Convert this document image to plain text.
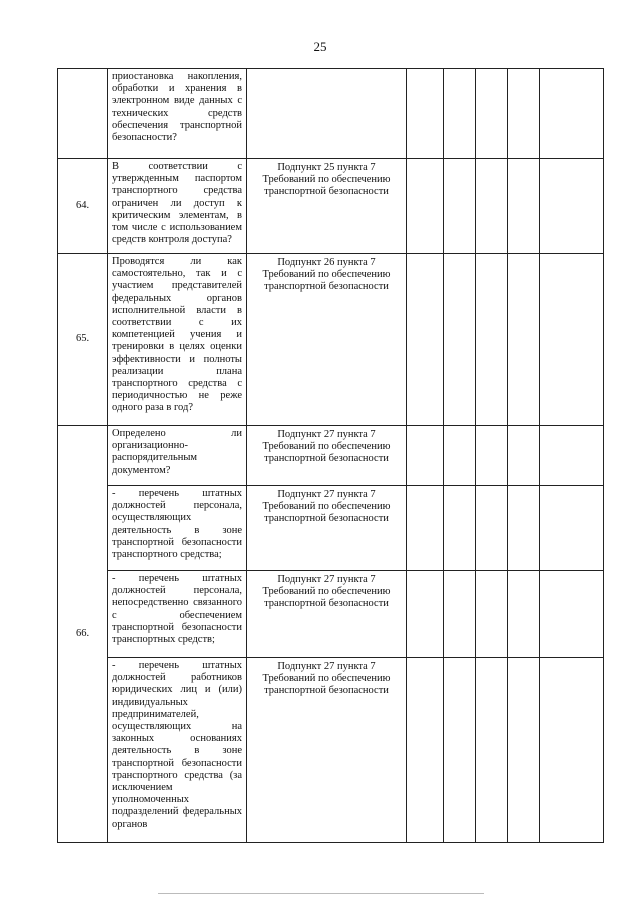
25
	приостановка накопления, обработки и хранения в электронном виде данных с технических средств обеспечения транспортной безопасности?						
64.	В соответствии с утвержденным паспортом транспортного средства ограничен ли доступ к критическим элементам, в том числе с использованием средств контроля доступа?	Подпункт 25 пункта 7 Требований по обеспечению транспортной безопасности					
65.	Проводятся ли как самостоятельно, так и с участием представителей федеральных органов исполнительной власти в соответствии с их компетенцией учения и тренировки в целях оценки эффективности и полноты реализации плана транспортного средства с периодичностью не реже одного раза в год?	Подпункт 26 пункта 7 Требований по обеспечению транспортной безопасности					
66.	Определено ли организационно-распорядительным документом?	Подпункт 27 пункта 7 Требований по обеспечению транспортной безопасности					
	- перечень штатных должностей персонала, осуществляющих деятельность в зоне транспортной безопасности транспортного средства;	Подпункт 27 пункта 7 Требований по обеспечению транспортной безопасности					
	- перечень штатных должностей персонала, непосредственно связанного с обеспечением транспортной безопасности транспортных средств;	Подпункт 27 пункта 7 Требований по обеспечению транспортной безопасности					
	- перечень штатных должностей работников юридических лиц и (или) индивидуальных предпринимателей, осуществляющих на законных основаниях деятельность в зоне транспортной безопасности транспортного средства (за исключением уполномоченных подразделений федеральных органов	Подпункт 27 пункта 7 Требований по обеспечению транспортной безопасности					
